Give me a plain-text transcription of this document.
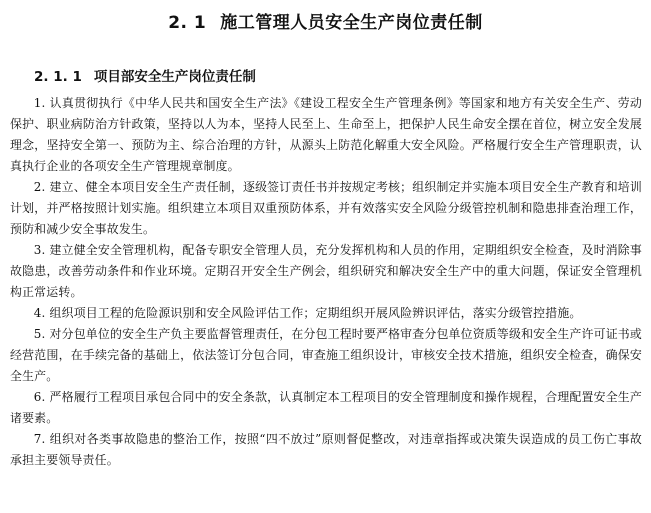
2. 1 施工管理人员安全生产岗位责任制
2. 1. 1 项目部安全生产岗位责任制

1. 认真贯彻执行《中华人民共和国安全生产法》《建设工程安全生产管理条例》等国家和地方有关安全生产、劳动保护、职业病防治方针政策，坚持以人为本，坚持人民至上、生命至上，把保护人民生命安全摆在首位，树立安全发展理念，坚持安全第一、预防为主、综合治理的方针，从源头上防范化解重大安全风险。严格履行安全生产管理职责，认真执行企业的各项安全生产管理规章制度。

2. 建立、健全本项目安全生产责任制，逐级签订责任书并按规定考核；组织制定并实施本项目安全生产教育和培训计划，并严格按照计划实施。组织建立本项目双重预防体系，并有效落实安全风险分级管控机制和隐患排查治理工作，预防和减少安全事故发生。

3. 建立健全安全管理机构，配备专职安全管理人员，充分发挥机构和人员的作用，定期组织安全检查，及时消除事故隐患，改善劳动条件和作业环境。定期召开安全生产例会，组织研究和解决安全生产中的重大问题，保证安全管理机构正常运转。

4. 组织项目工程的危险源识别和安全风险评估工作；定期组织开展风险辨识评估，落实分级管控措施。

5. 对分包单位的安全生产负主要监督管理责任，在分包工程时要严格审查分包单位资质等级和安全生产许可证书或经营范围，在手续完备的基础上，依法签订分包合同，审查施工组织设计，审核安全技术措施，组织安全检查，确保安全生产。

6. 严格履行工程项目承包合同中的安全条款，认真制定本工程项目的安全管理制度和操作规程，合理配置安全生产诸要素。

7. 组织对各类事故隐患的整治工作，按照“四不放过”原则督促整改，对违章指挥或决策失误造成的员工伤亡事故承担主要领导责任。
